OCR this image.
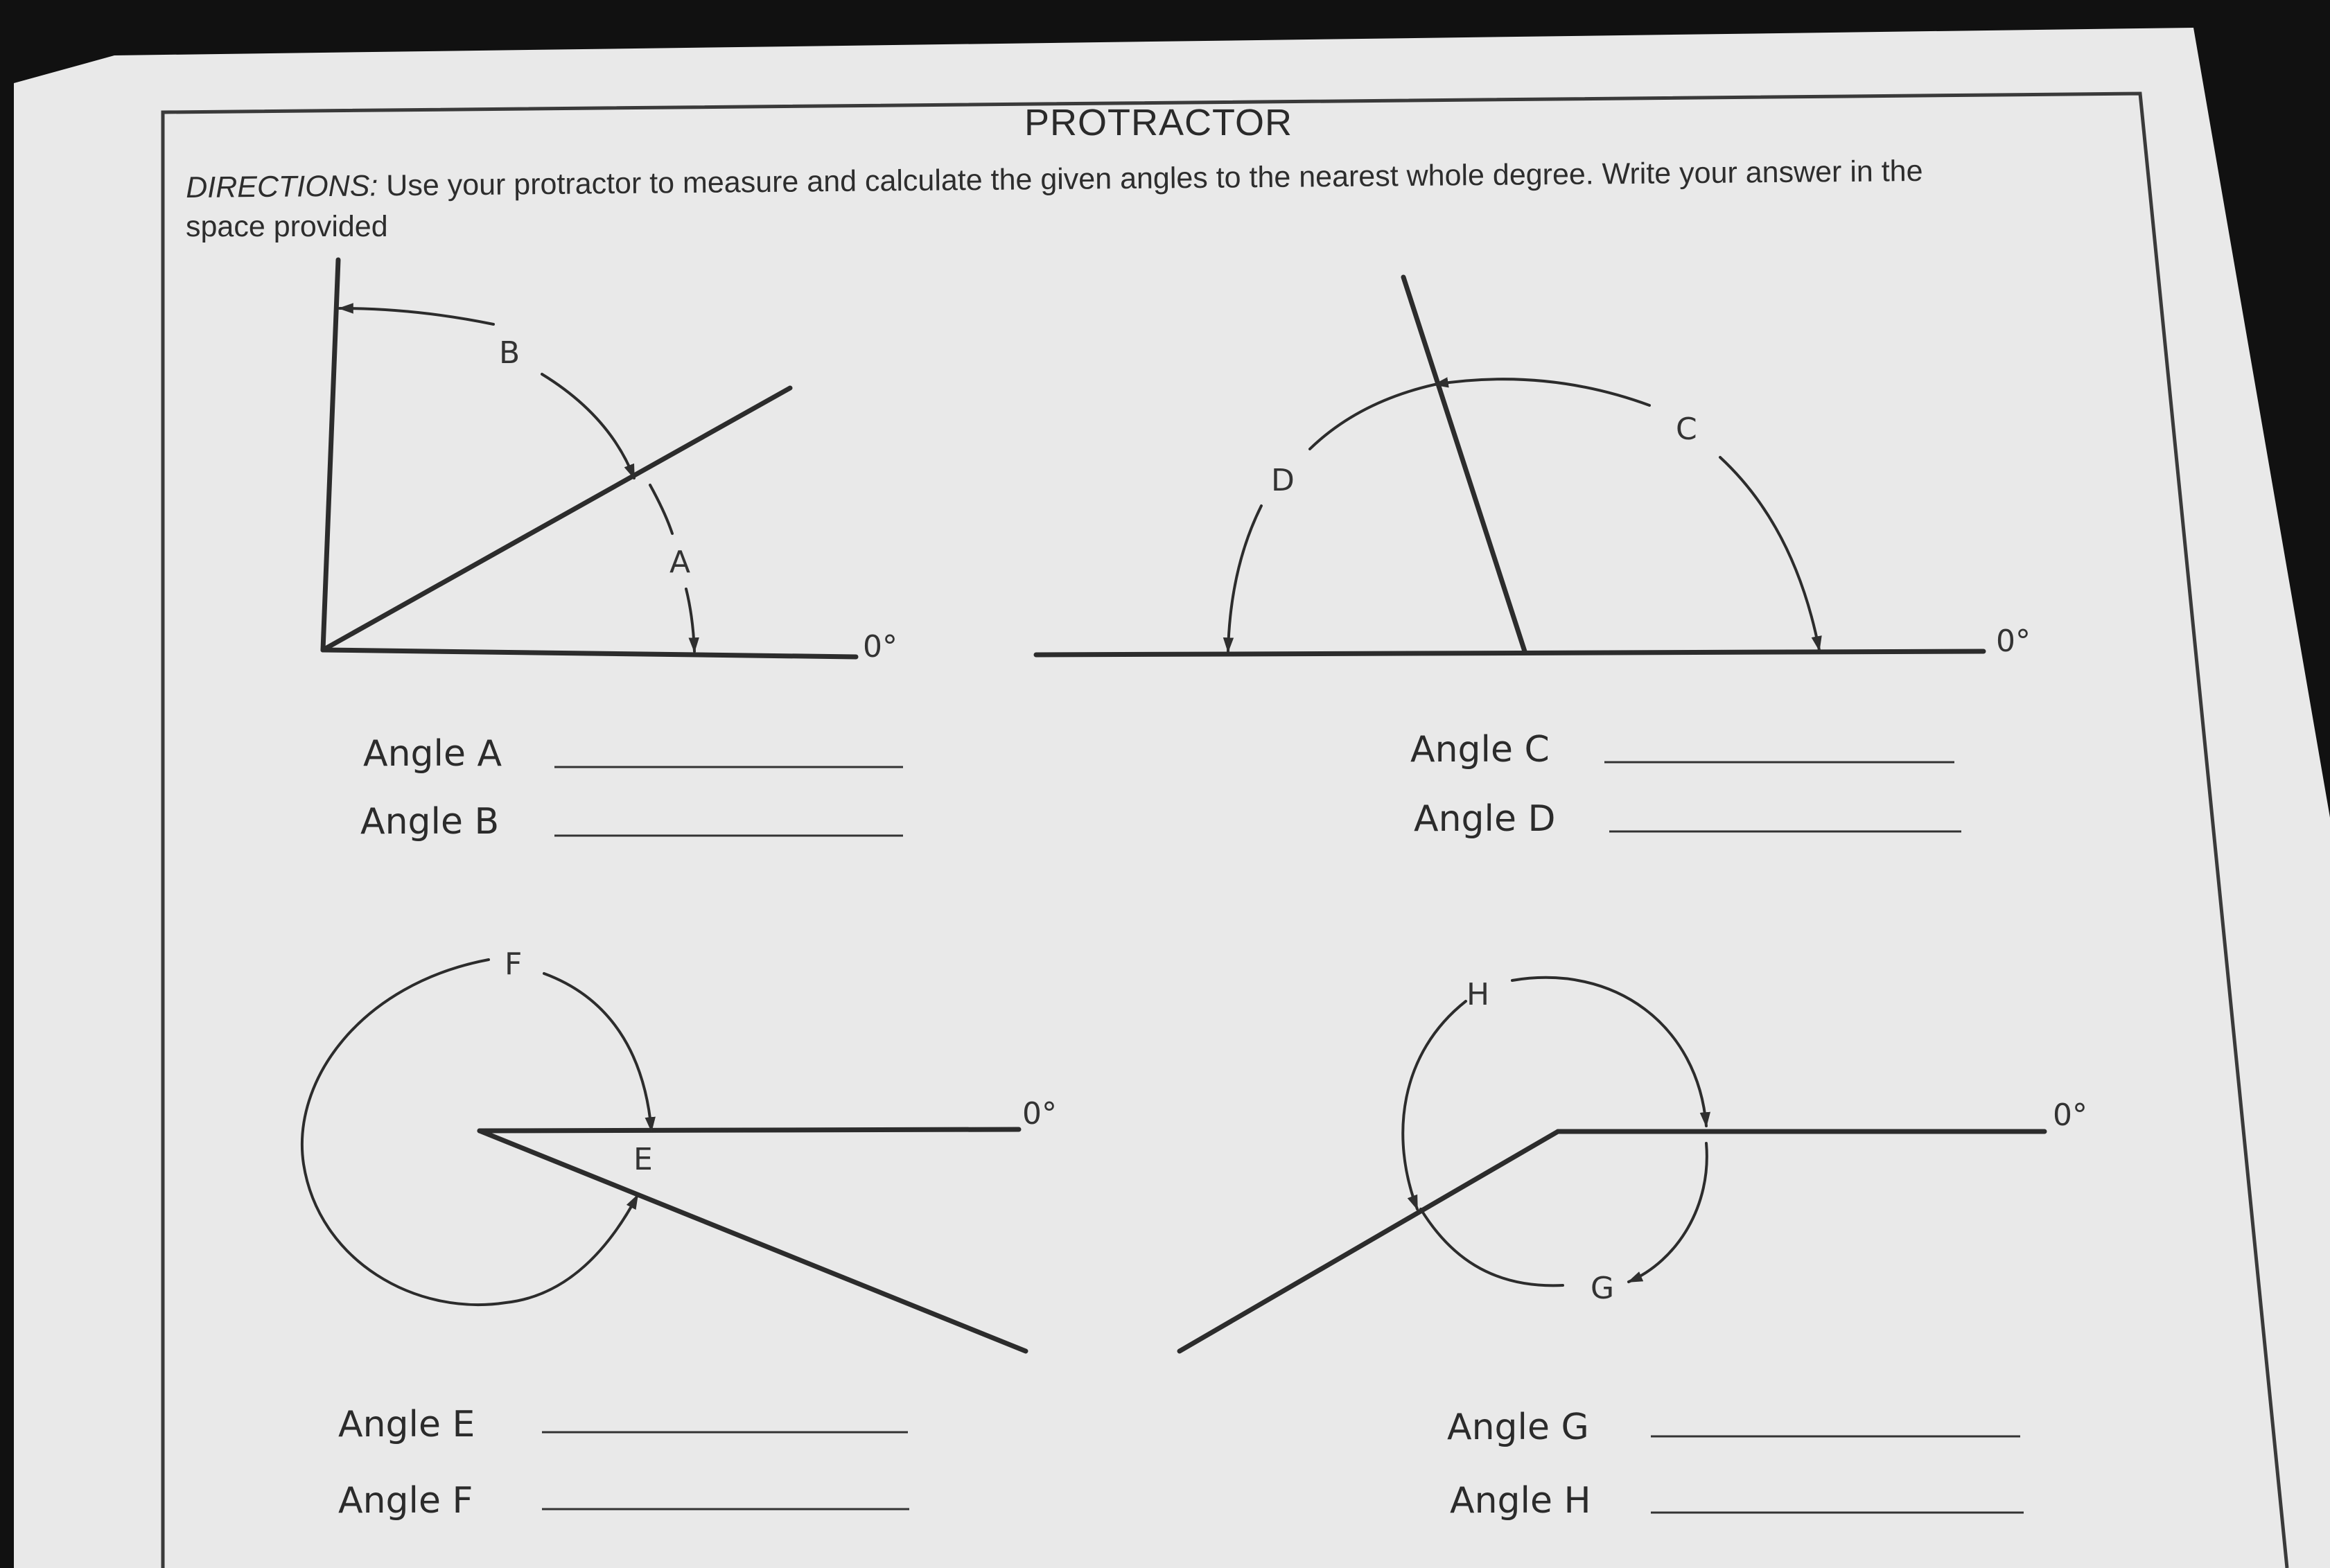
PROTRACTOR
DIRECTIONS: Use your protractor to measure and calculate the given angles to the nearest whole degree. Write your answer in the
space provided
B
A
0°
C
D
0°
F
E
0°
H
G
0°
Angle A
Angle B
Angle C
Angle D
Angle E
Angle F
Angle G
Angle H
